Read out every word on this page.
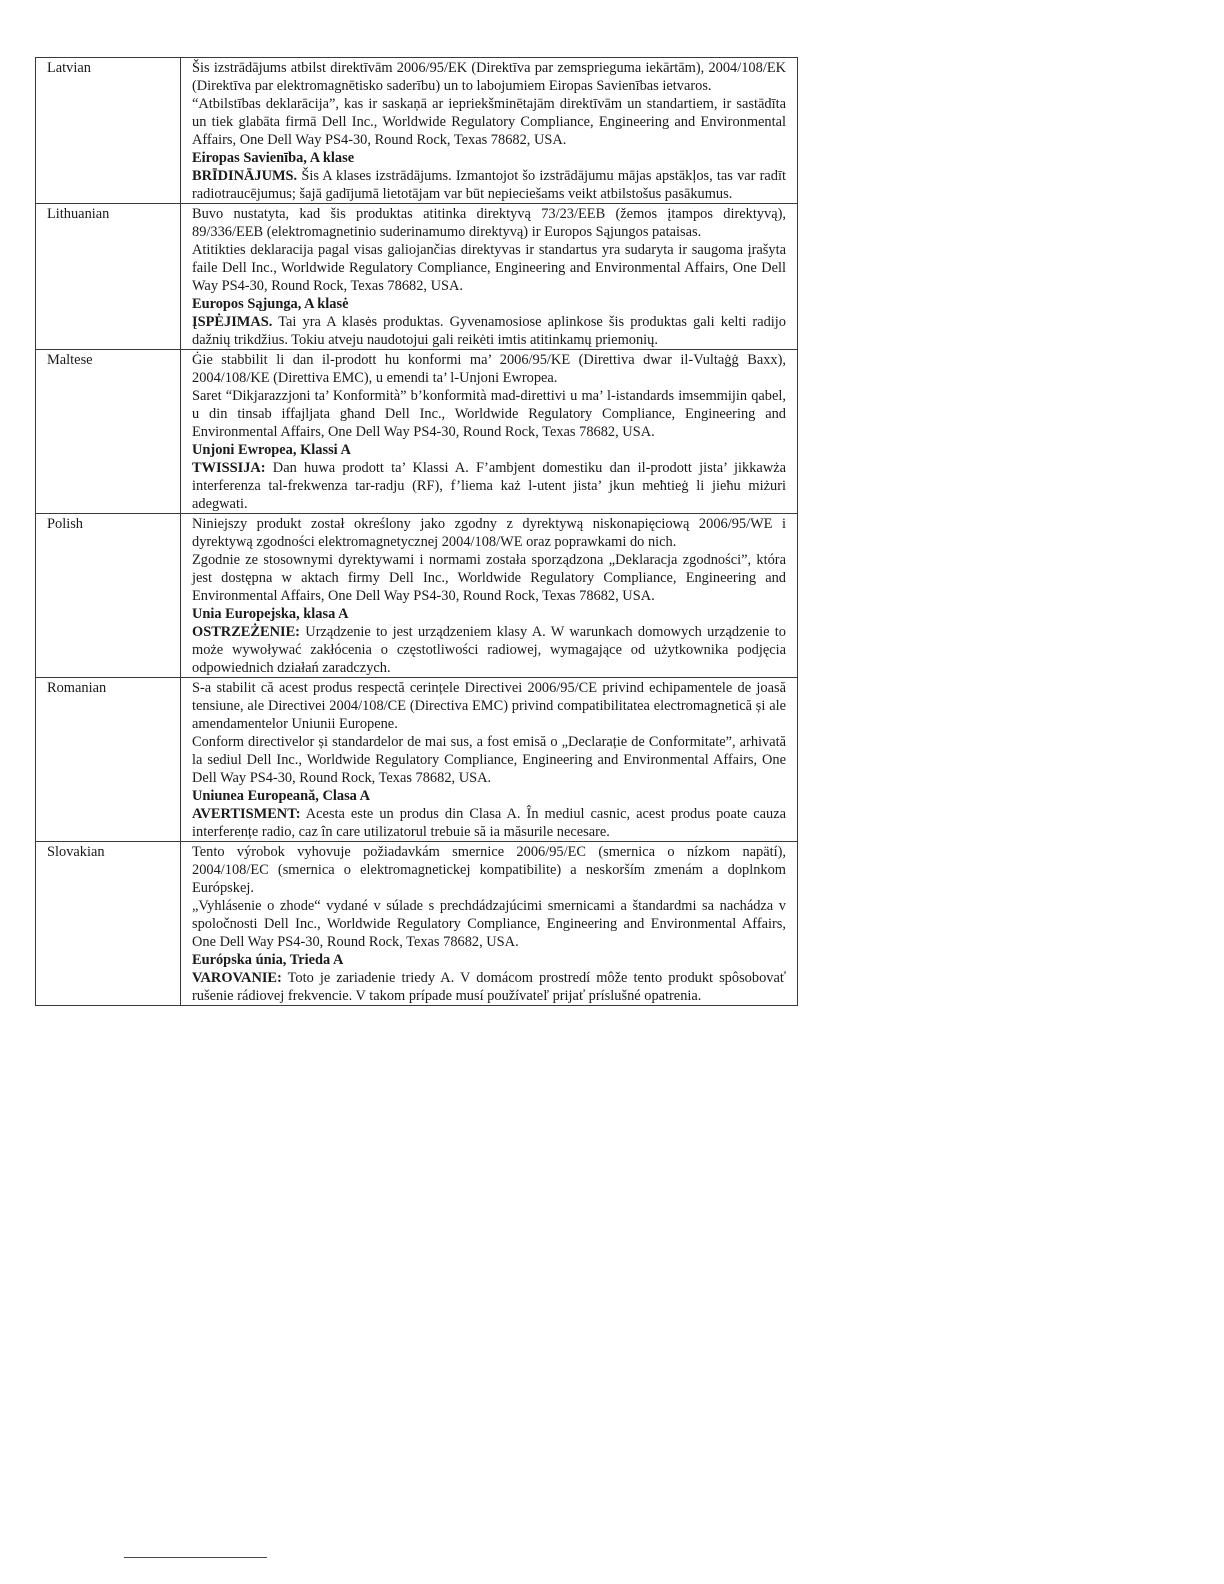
Latvian	Šis izstrādājums atbilst direktīvām 2006/95/EK (Direktīva par zemsprieguma iekārtām), 2004/108/EK (Direktīva par elektromagnētisko saderību) un to labojumiem Eiropas Savienības ietvaros.

“Atbilstības deklarācija”, kas ir saskaņā ar iepriekšminētajām direktīvām un standartiem, ir sastādīta un tiek glabāta firmā Dell Inc., Worldwide Regulatory Compliance, Engineering and Environmental Affairs, One Dell Way PS4-30, Round Rock, Texas 78682, USA.

Eiropas Savienība, A klase

BRĪDINĀJUMS. Šis A klases izstrādājums. Izmantojot šo izstrādājumu mājas apstākļos, tas var radīt radiotraucējumus; šajā gadījumā lietotājam var būt nepieciešams veikt atbilstošus pasākumus.

Lithuanian	Buvo nustatyta, kad šis produktas atitinka direktyvą 73/23/EEB (žemos įtampos direktyvą), 89/336/EEB (elektromagnetinio suderinamumo direktyvą) ir Europos Sąjungos pataisas.

Atitikties deklaracija pagal visas galiojančias direktyvas ir standartus yra sudaryta ir saugoma įrašyta faile Dell Inc., Worldwide Regulatory Compliance, Engineering and Environmental Affairs, One Dell Way PS4-30, Round Rock, Texas 78682, USA.

Europos Sąjunga, A klasė

ĮSPĖJIMAS. Tai yra A klasės produktas. Gyvenamosiose aplinkose šis produktas gali kelti radijo dažnių trikdžius. Tokiu atveju naudotojui gali reikėti imtis atitinkamų priemonių.

Maltese	Ġie stabbilit li dan il-prodott hu konformi ma’ 2006/95/KE (Direttiva dwar il-Vultaġġ Baxx), 2004/108/KE (Direttiva EMC), u emendi ta’ l-Unjoni Ewropea.

Saret “Dikjarazzjoni ta’ Konformità” b’konformità mad-direttivi u ma’ l-istandards imsemmijin qabel, u din tinsab iffajljata għand Dell Inc., Worldwide Regulatory Compliance, Engineering and Environmental Affairs, One Dell Way PS4-30, Round Rock, Texas 78682, USA.

Unjoni Ewropea, Klassi A

TWISSIJA: Dan huwa prodott ta’ Klassi A. F’ambjent domestiku dan il-prodott jista’ jikkawża interferenza tal-frekwenza tar-radju (RF), f’liema każ l-utent jista’ jkun meħtieġ li jieħu miżuri adegwati.

Polish	Niniejszy produkt został określony jako zgodny z dyrektywą niskonapięciową 2006/95/WE i dyrektywą zgodności elektromagnetycznej 2004/108/WE oraz poprawkami do nich.

Zgodnie ze stosownymi dyrektywami i normami została sporządzona „Deklaracja zgodności”, która jest dostępna w aktach firmy Dell Inc., Worldwide Regulatory Compliance, Engineering and Environmental Affairs, One Dell Way PS4-30, Round Rock, Texas 78682, USA.

Unia Europejska, klasa A

OSTRZEŻENIE: Urządzenie to jest urządzeniem klasy A. W warunkach domowych urządzenie to może wywoływać zakłócenia o częstotliwości radiowej, wymagające od użytkownika podjęcia odpowiednich działań zaradczych.

Romanian	S-a stabilit că acest produs respectă cerințele Directivei 2006/95/CE privind echipamentele de joasă tensiune, ale Directivei 2004/108/CE (Directiva EMC) privind compatibilitatea electromagnetică și ale amendamentelor Uniunii Europene.

Conform directivelor și standardelor de mai sus, a fost emisă o „Declarație de Conformitate”, arhivată la sediul Dell Inc., Worldwide Regulatory Compliance, Engineering and Environmental Affairs, One Dell Way PS4-30, Round Rock, Texas 78682, USA.

Uniunea Europeană, Clasa A

AVERTISMENT: Acesta este un produs din Clasa A. În mediul casnic, acest produs poate cauza interferențe radio, caz în care utilizatorul trebuie să ia măsurile necesare.

Slovakian	Tento výrobok vyhovuje požiadavkám smernice 2006/95/EC (smernica o nízkom napätí), 2004/108/EC (smernica o elektromagnetickej kompatibilite) a neskorším zmenám a doplnkom Európskej.

„Vyhlásenie o zhode“ vydané v súlade s prechdádzajúcimi smernicami a štandardmi sa nachádza v spoločnosti Dell Inc., Worldwide Regulatory Compliance, Engineering and Environmental Affairs, One Dell Way PS4-30, Round Rock, Texas 78682, USA.

Európska únia, Trieda A

VAROVANIE: Toto je zariadenie triedy A. V domácom prostredí môže tento produkt spôsobovať rušenie rádiovej frekvencie. V takom prípade musí používateľ prijať príslušné opatrenia.
